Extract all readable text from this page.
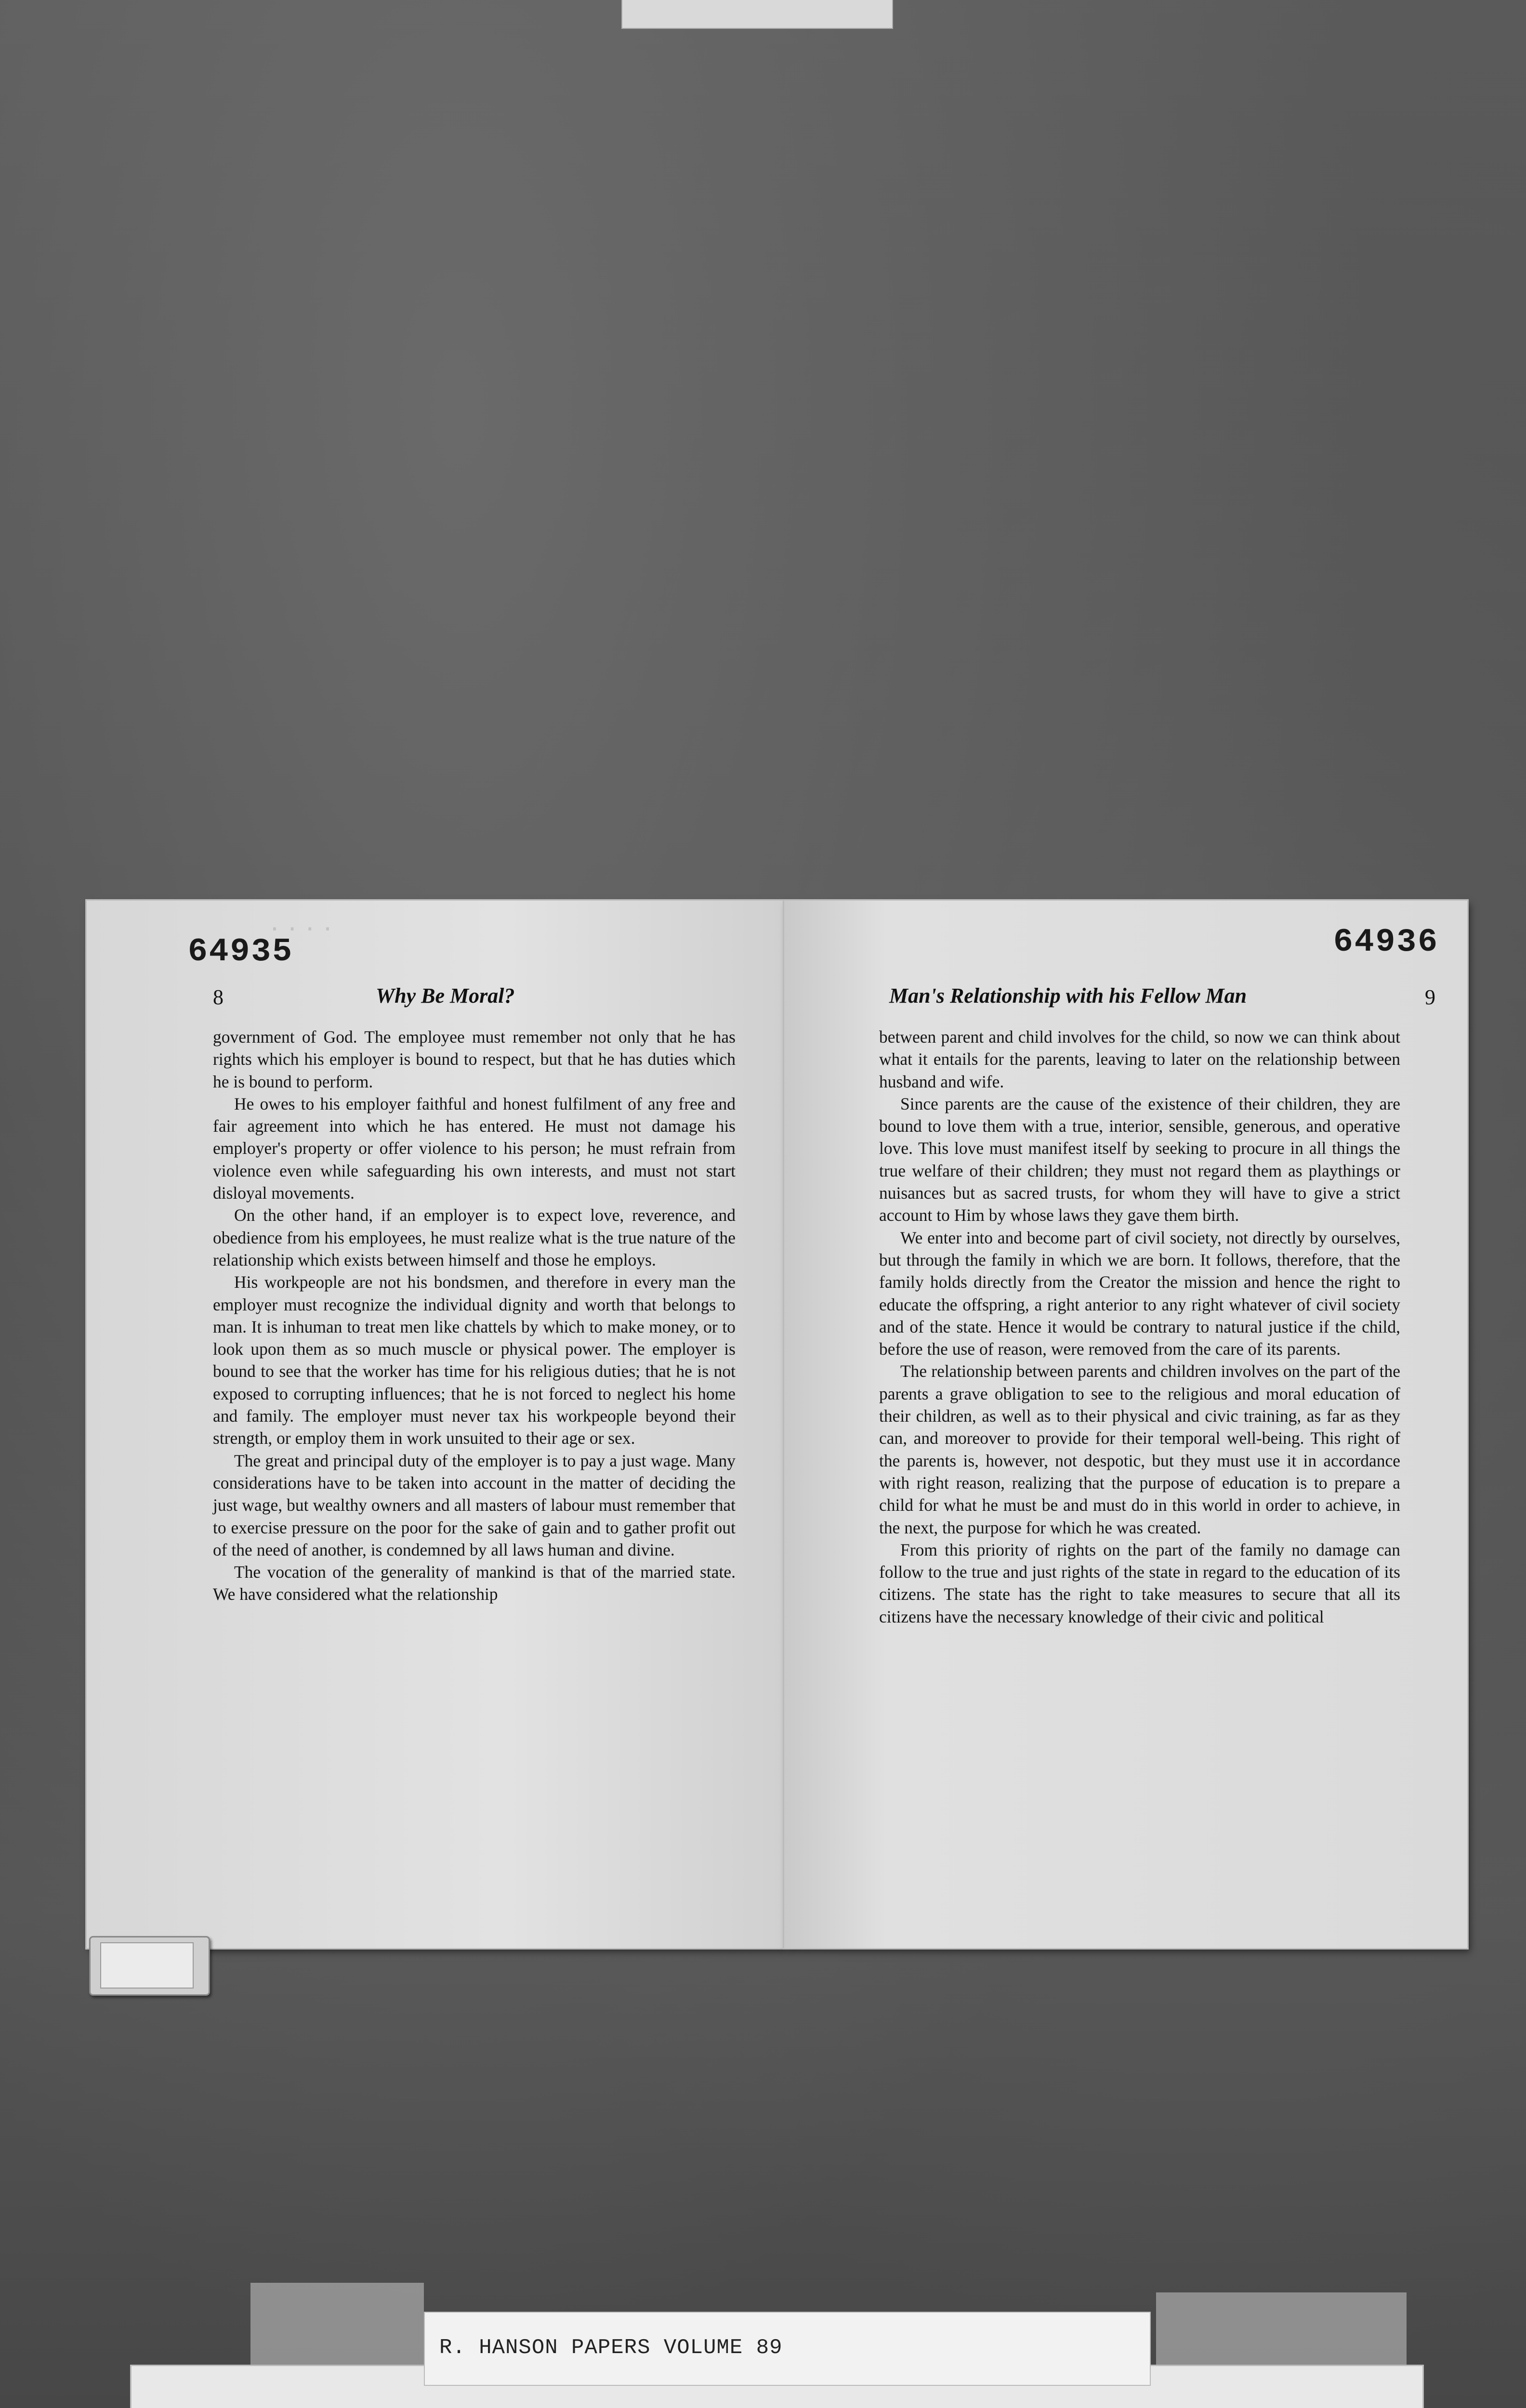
· · · ·
64935
8	Why Be Moral?

government of God. The employee must remember not only that he has rights which his employer is bound to respect, but that he has duties which he is bound to perform.

He owes to his employer faithful and honest fulfilment of any free and fair agreement into which he has entered. He must not damage his employer's property or offer violence to his person; he must refrain from violence even while safeguarding his own interests, and must not start disloyal movements.

On the other hand, if an employer is to expect love, reverence, and obedience from his employees, he must realize what is the true nature of the relationship which exists between himself and those he employs.

His workpeople are not his bondsmen, and therefore in every man the employer must recognize the individual dignity and worth that belongs to man. It is inhuman to treat men like chattels by which to make money, or to look upon them as so much muscle or physical power. The employer is bound to see that the worker has time for his religious duties; that he is not exposed to corrupting influences; that he is not forced to neglect his home and family. The employer must never tax his workpeople beyond their strength, or employ them in work unsuited to their age or sex.

The great and principal duty of the employer is to pay a just wage. Many considerations have to be taken into account in the matter of deciding the just wage, but wealthy owners and all masters of labour must remember that to exercise pressure on the poor for the sake of gain and to gather profit out of the need of another, is condemned by all laws human and divine.

The vocation of the generality of mankind is that of the married state. We have considered what the relationship

64936
Man's Relationship with his Fellow Man	9

between parent and child involves for the child, so now we can think about what it entails for the parents, leaving to later on the relationship between husband and wife.

Since parents are the cause of the existence of their children, they are bound to love them with a true, interior, sensible, generous, and operative love. This love must manifest itself by seeking to procure in all things the true welfare of their children; they must not regard them as playthings or nuisances but as sacred trusts, for whom they will have to give a strict account to Him by whose laws they gave them birth.

We enter into and become part of civil society, not directly by ourselves, but through the family in which we are born. It follows, therefore, that the family holds directly from the Creator the mission and hence the right to educate the offspring, a right anterior to any right whatever of civil society and of the state. Hence it would be contrary to natural justice if the child, before the use of reason, were removed from the care of its parents.

The relationship between parents and children involves on the part of the parents a grave obligation to see to the religious and moral education of their children, as well as to their physical and civic training, as far as they can, and moreover to provide for their temporal well-being. This right of the parents is, however, not despotic, but they must use it in accordance with right reason, realizing that the purpose of education is to prepare a child for what he must be and must do in this world in order to achieve, in the next, the purpose for which he was created.

From this priority of rights on the part of the family no damage can follow to the true and just rights of the state in regard to the education of its citizens. The state has the right to take measures to secure that all its citizens have the necessary knowledge of their civic and political

R. HANSON PAPERS VOLUME 89
